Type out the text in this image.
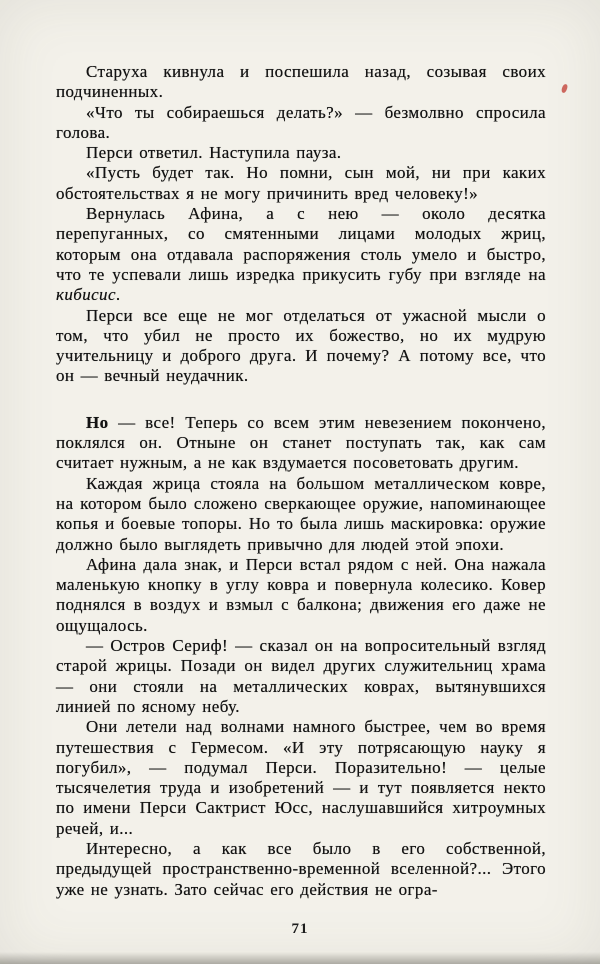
Старуха кивнула и поспешила назад, созывая своих подчиненных.

«Что ты собираешься делать?» — безмолвно спросила голова.

Перси ответил. Наступила пауза.

«Пусть будет так. Но помни, сын мой, ни при каких обстоятельствах я не могу причинить вред человеку!»

Вернулась Афина, а с нею — около десятка перепуганных, со смятенными лицами молодых жриц, которым она отдавала распоряжения столь умело и быстро, что те успевали лишь изредка прикусить губу при взгляде на кибисис.

Перси все еще не мог отделаться от ужасной мысли о том, что убил не просто их божество, но их мудрую учительницу и доброго друга. И почему? А потому все, что он — вечный неудачник.

Но — все! Теперь со всем этим невезением покончено, поклялся он. Отныне он станет поступать так, как сам считает нужным, а не как вздумается посоветовать другим.

Каждая жрица стояла на большом металлическом ковре, на котором было сложено сверкающее оружие, напоминающее копья и боевые топоры. Но то была лишь маскировка: оружие должно было выглядеть привычно для людей этой эпохи.

Афина дала знак, и Перси встал рядом с ней. Она нажала маленькую кнопку в углу ковра и повернула колесико. Ковер поднялся в воздух и взмыл с балкона; движения его даже не ощущалось.

— Остров Сериф! — сказал он на вопросительный взгляд старой жрицы. Позади он видел других служительниц храма — они стояли на металлических коврах, вытянувшихся линией по ясному небу.

Они летели над волнами намного быстрее, чем во время путешествия с Гермесом. «И эту потрясающую науку я погубил», — подумал Перси. Поразительно! — целые тысячелетия труда и изобретений — и тут появляется некто по имени Перси Сактрист Юсс, наслушавшийся хитроумных речей, и...

Интересно, а как все было в его собственной, предыдущей пространственно-временной вселенной?... Этого уже не узнать. Зато сейчас его действия не огра-

71
